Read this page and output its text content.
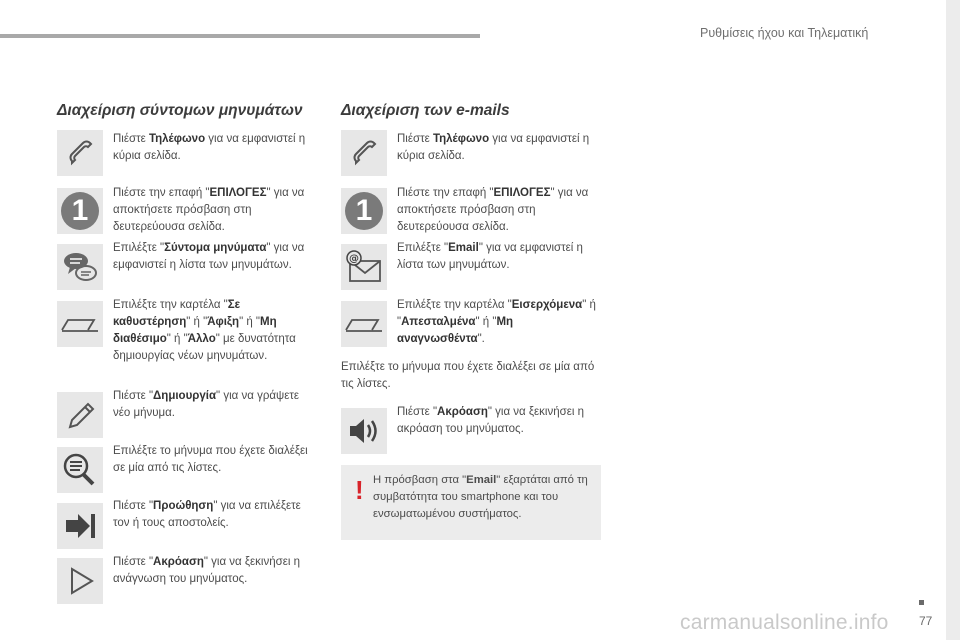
Ρυθμίσεις ήχου και Τηλεματική
77
carmanualsonline.info
Διαχείριση σύντομων μηνυμάτων
Πιέστε Τηλέφωνο για να εμφανιστεί η κύρια σελίδα.
1
Πιέστε την επαφή "ΕΠΙΛΟΓΕΣ" για να αποκτήσετε πρόσβαση στη δευτερεύουσα σελίδα.
Επιλέξτε "Σύντομα μηνύματα" για να εμφανιστεί η λίστα των μηνυμάτων.
Επιλέξτε την καρτέλα "Σε καθυστέρηση" ή "Άφιξη" ή "Μη διαθέσιμο" ή "Άλλο" με δυνατότητα δημιουργίας νέων μηνυμάτων.
Πιέστε "Δημιουργία" για να γράψετε νέο μήνυμα.
Επιλέξτε το μήνυμα που έχετε διαλέξει σε μία από τις λίστες.
Πιέστε "Προώθηση" για να επιλέξετε τον ή τους αποστολείς.
Πιέστε "Ακρόαση" για να ξεκινήσει η ανάγνωση του μηνύματος.
Διαχείριση των e-mails
Πιέστε Τηλέφωνο για να εμφανιστεί η κύρια σελίδα.
1
Πιέστε την επαφή "ΕΠΙΛΟΓΕΣ" για να αποκτήσετε πρόσβαση στη δευτερεύουσα σελίδα.
@
Επιλέξτε "Email" για να εμφανιστεί η λίστα των μηνυμάτων.
Επιλέξτε την καρτέλα "Εισερχόμενα" ή "Απεσταλμένα" ή "Μη αναγνωσθέντα".
Επιλέξτε το μήνυμα που έχετε διαλέξει σε μία από τις λίστες.
Πιέστε "Ακρόαση" για να ξεκινήσει η ακρόαση του μηνύματος.
! Η πρόσβαση στα "Email" εξαρτάται από τη συμβατότητα του smartphone και του ενσωματωμένου συστήματος.
